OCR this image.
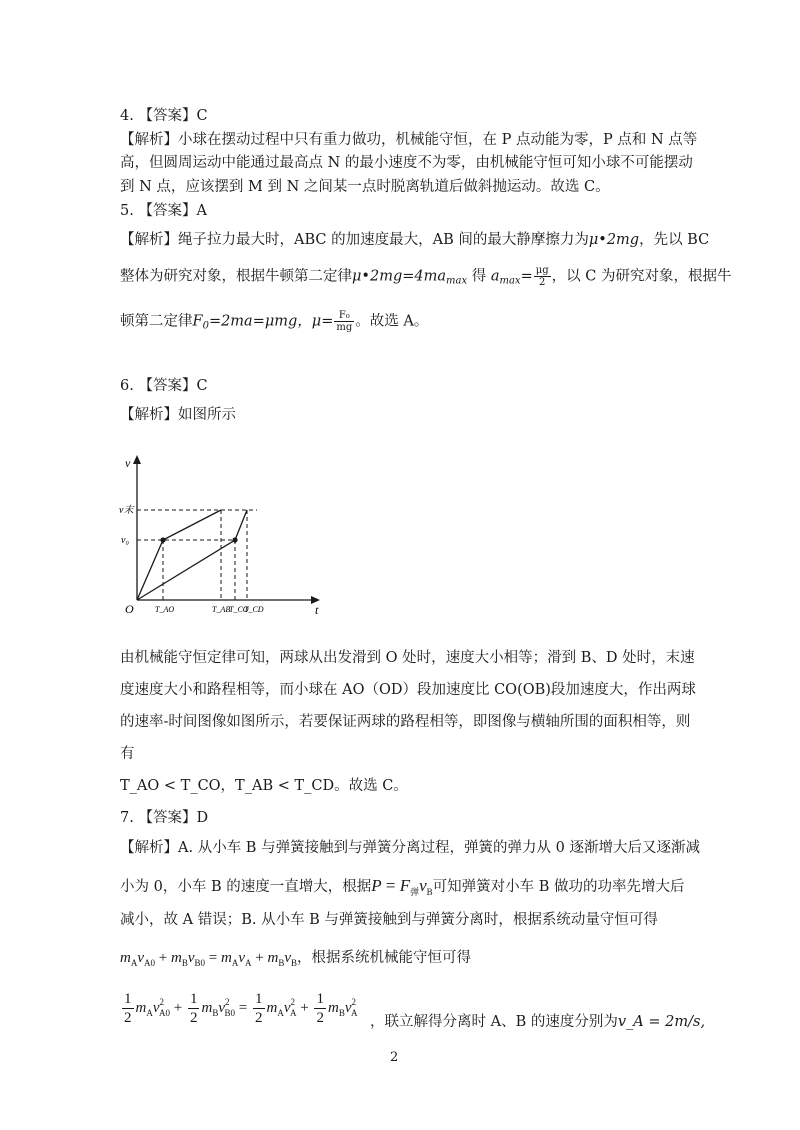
4. 【答案】C
【解析】小球在摆动过程中只有重力做功，机械能守恒，在 P 点动能为零，P 点和 N 点等
高，但圆周运动中能通过最高点 N 的最小速度不为零，由机械能守恒可知小球不可能摆动
到 N 点，应该摆到 M 到 N 之间某一点时脱离轨道后做斜抛运动。故选 C。
5. 【答案】A
【解析】绳子拉力最大时，ABC 的加速度最大，AB 间的最大静摩擦力为μ•2mg，先以 BC
整体为研究对象，根据牛顿第二定律$\mu•2mg=4ma_{max}$ 得 $a_{max}= \frac{\mu g}{2}$ ，以 C 为研究对象，根据牛
顿第二定律$F_0=2ma=\mu mg$，$\mu= \frac{\text{F₀}}{mg}$ 。故选 A。
6. 【答案】C
【解析】如图所示
v
t
O
v末
v₀
T_AO	T_AB
T_CO
T_CD
由机械能守恒定律可知，两球从出发滑到 O 处时，速度大小相等；滑到 B、D 处时，末速
度速度大小和路程相等，而小球在 AO（OD）段加速度比 CO(OB)段加速度大，作出两球
的速率-时间图像如图所示，若要保证两球的路程相等，即图像与横轴所围的面积相等，则
有
T_AO < T_CO，T_AB < T_CD。故选 C。
7. 【答案】D
【解析】A. 从小车 B 与弹簧接触到与弹簧分离过程，弹簧的弹力从 0 逐渐增大后又逐渐减
小为 0，小车 B 的速度一直增大，根据$P = F_弹v_B$可知弹簧对小车 B 做功的功率先增大后
减小，故 A 错误；B. 从小车 B 与弹簧接触到与弹簧分离时，根据系统动量守恒可得
$m_Av_{A0} + m_Bv_{B0} = m_Av_A + m_Bv_B$，根据系统机械能守恒可得
$\frac{1}{2} m_Av^2_{A0} + \frac{1}{2} m_Bv^2_{B0} = \frac{1}{2} m_Av^2_A + \frac{1}{2} m_Bv^2_A$
，联立解得分离时 A、B 的速度分别为v_A = 2m/s,
2
